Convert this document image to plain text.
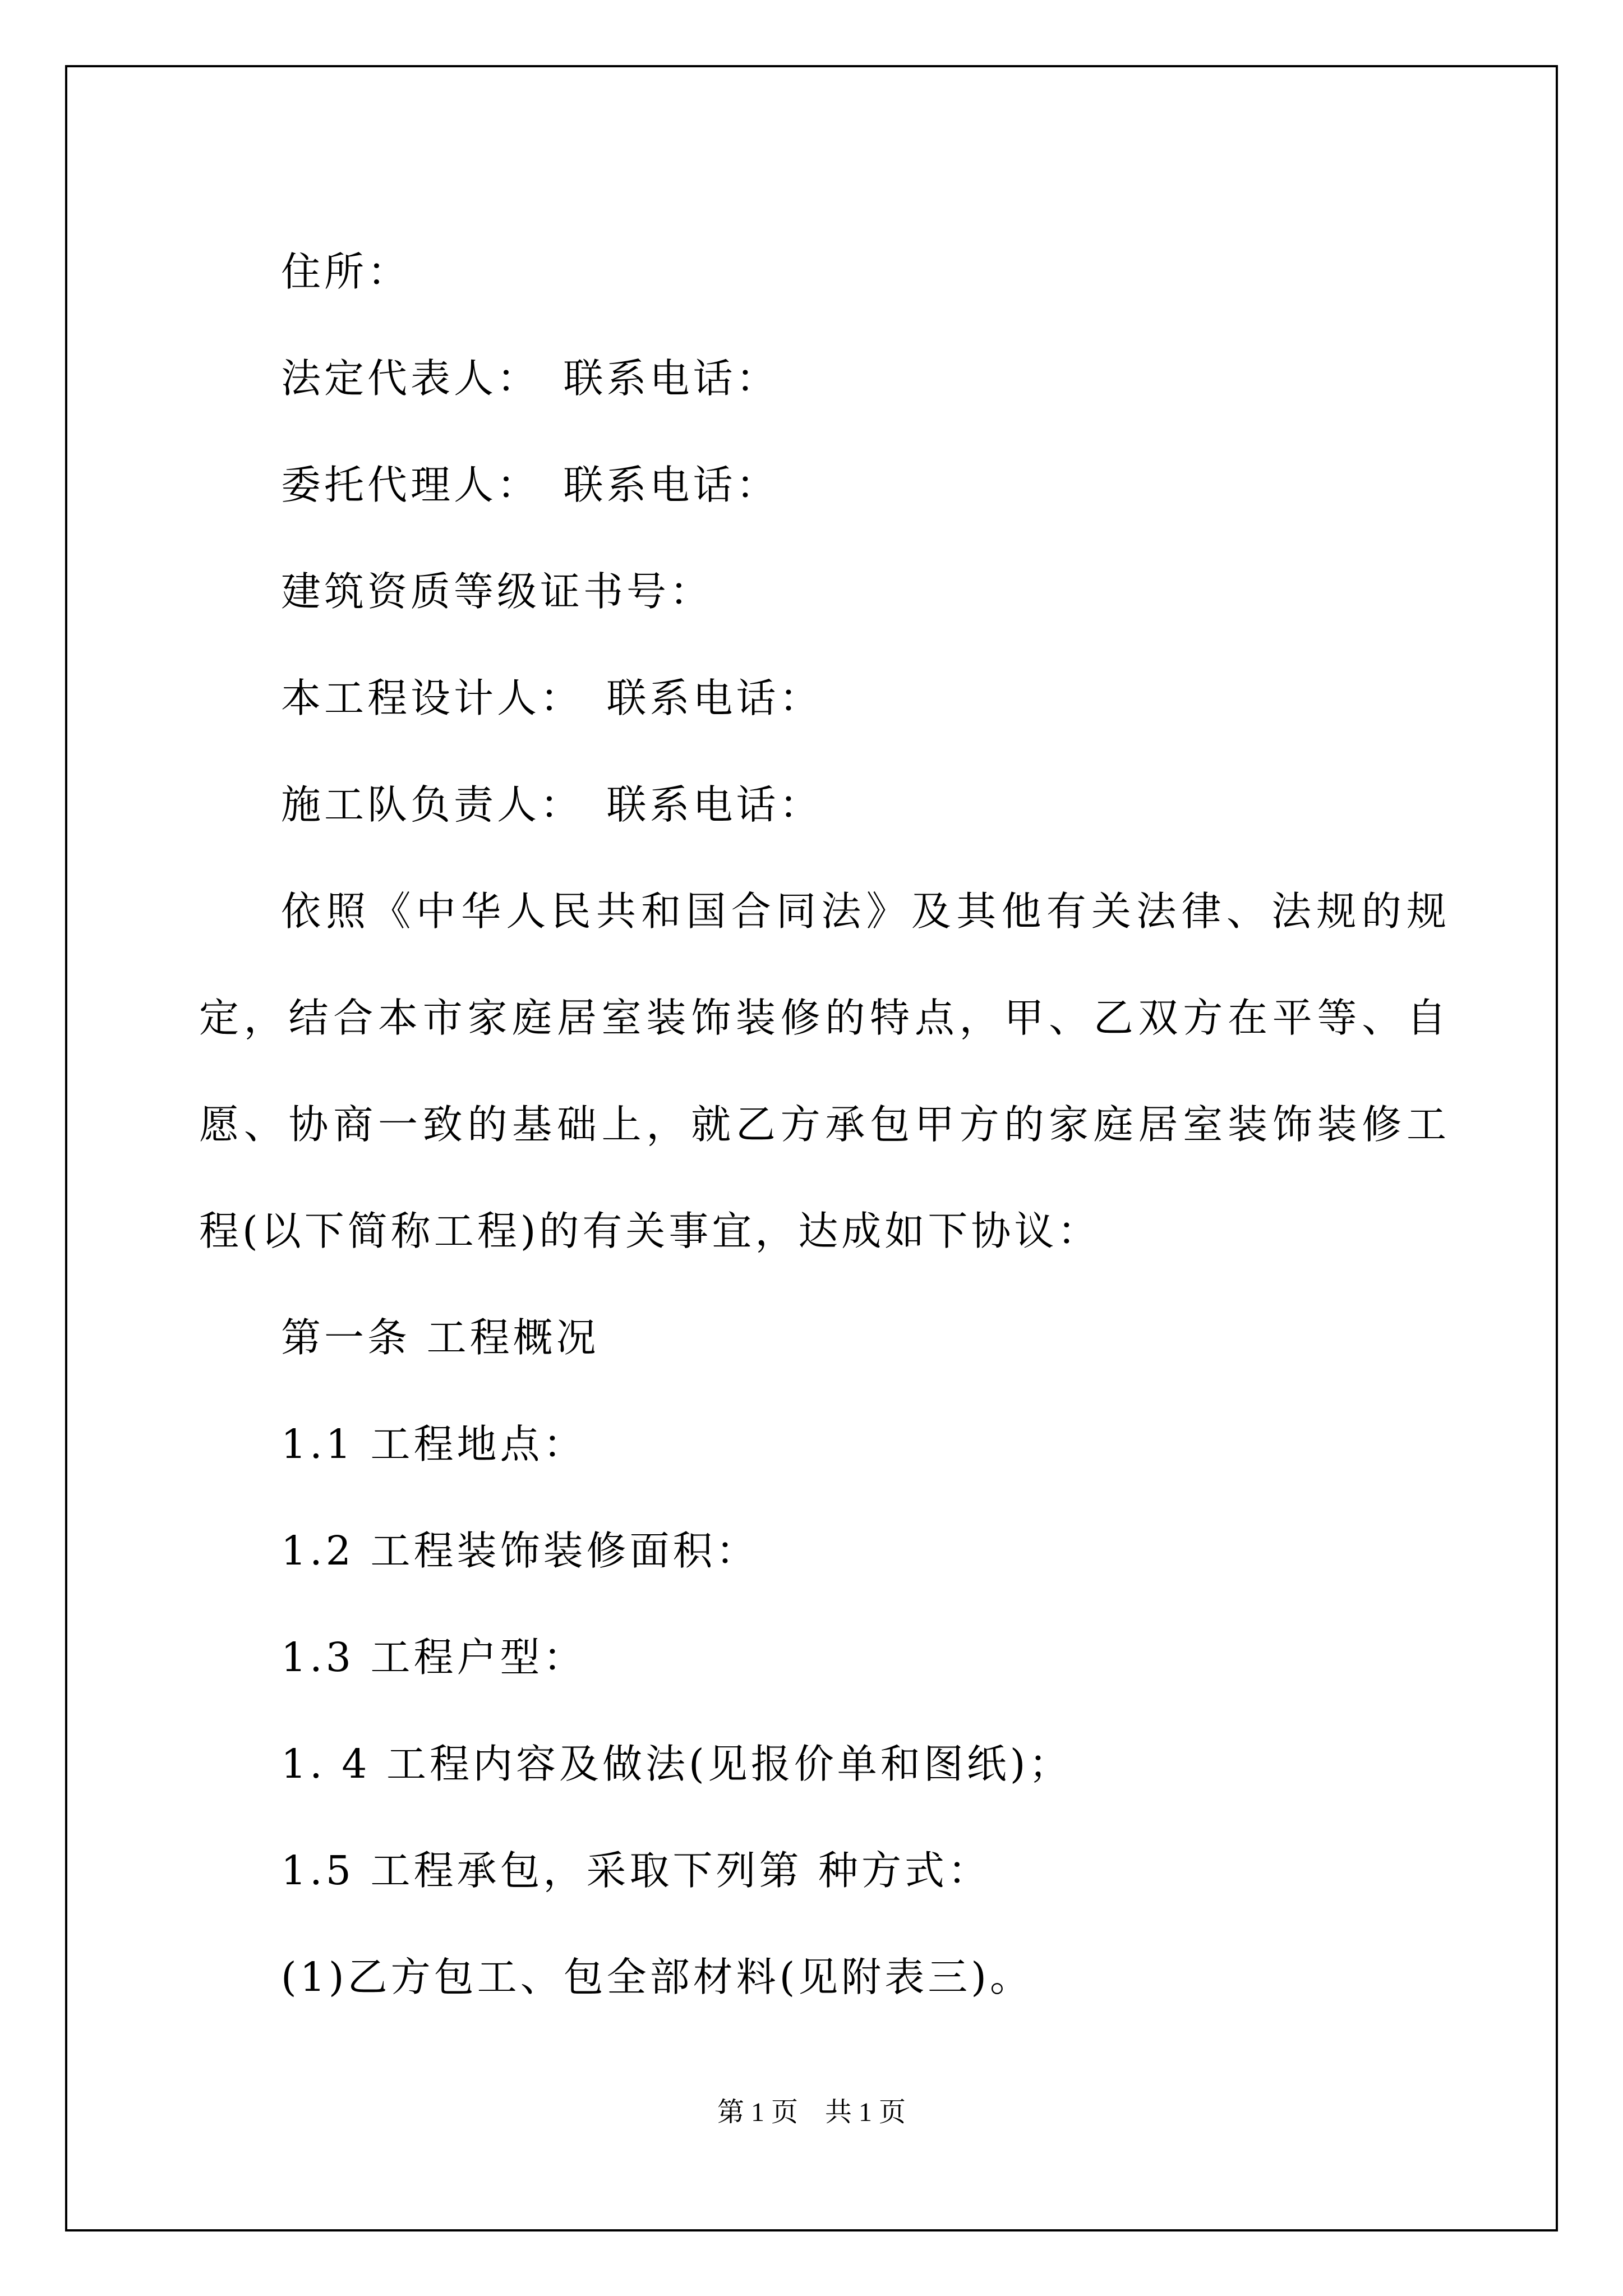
住所：

法定代表人：　联系电话：

委托代理人：　联系电话：

建筑资质等级证书号：

本工程设计人：　联系电话：

施工队负责人：　联系电话：

依照《中华人民共和国合同法》及其他有关法律、法规的规定，结合本市家庭居室装饰装修的特点，甲、乙双方在平等、自愿、协商一致的基础上，就乙方承包甲方的家庭居室装饰装修工程(以下简称工程)的有关事宜，达成如下协议：

第一条 工程概况

1.1 工程地点：

1.2 工程装饰装修面积：

1.3 工程户型：

1. 4 工程内容及做法(见报价单和图纸)；

1.5 工程承包，采取下列第 种方式：

(1)乙方包工、包全部材料(见附表三)。

第 1 页　共 1 页
